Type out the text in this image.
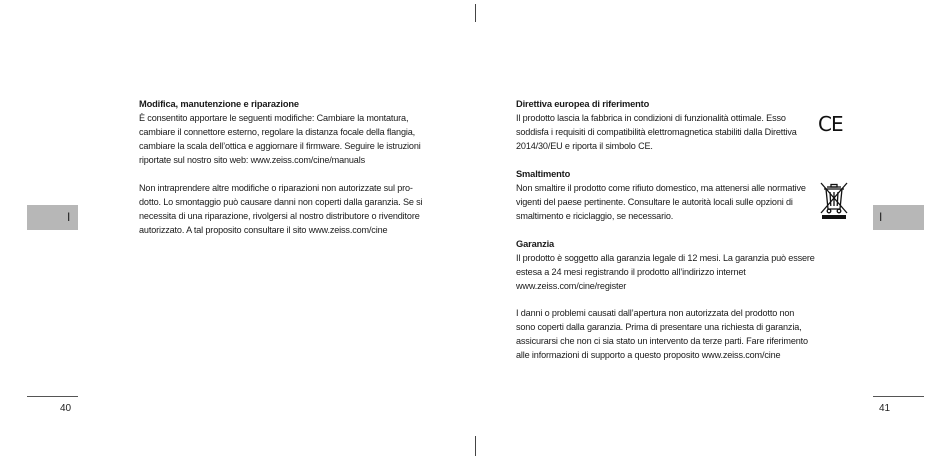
I	I
40	41
Modifica, manutenzione e riparazione

È consentito apportare le seguenti modifiche: Cambiare la montatura,

cambiare il connettore esterno, regolare la distanza focale della flangia,

cambiare la scala dell’ottica e aggiornare il firmware. Seguire le istruzioni

riportate sul nostro sito web: www.zeiss.com/cine/manuals

Non intraprendere altre modifiche o riparazioni non autorizzate sul pro-

dotto. Lo smontaggio può causare danni non coperti dalla garanzia. Se si

necessita di una riparazione, rivolgersi al nostro distributore o rivenditore

autorizzato. A tal proposito consultare il sito www.zeiss.com/cine

Direttiva europea di riferimento

Il prodotto lascia la fabbrica in condizioni di funzionalità ottimale. Esso

soddisfa i requisiti di compatibilità elettromagnetica stabiliti dalla Direttiva

2014/30/EU e riporta il simbolo CE.

CE
Smaltimento

Non smaltire il prodotto come rifiuto domestico, ma attenersi alle normative

vigenti del paese pertinente. Consultare le autorità locali sulle opzioni di

smaltimento e riciclaggio, se necessario.

Garanzia

Il prodotto è soggetto alla garanzia legale di 12 mesi. La garanzia può essere

estesa a 24 mesi registrando il prodotto all’indirizzo internet

www.zeiss.com/cine/register

I danni o problemi causati dall’apertura non autorizzata del prodotto non

sono coperti dalla garanzia. Prima di presentare una richiesta di garanzia,

assicurarsi che non ci sia stato un intervento da terze parti. Fare riferimento

alle informazioni di supporto a questo proposito www.zeiss.com/cine
